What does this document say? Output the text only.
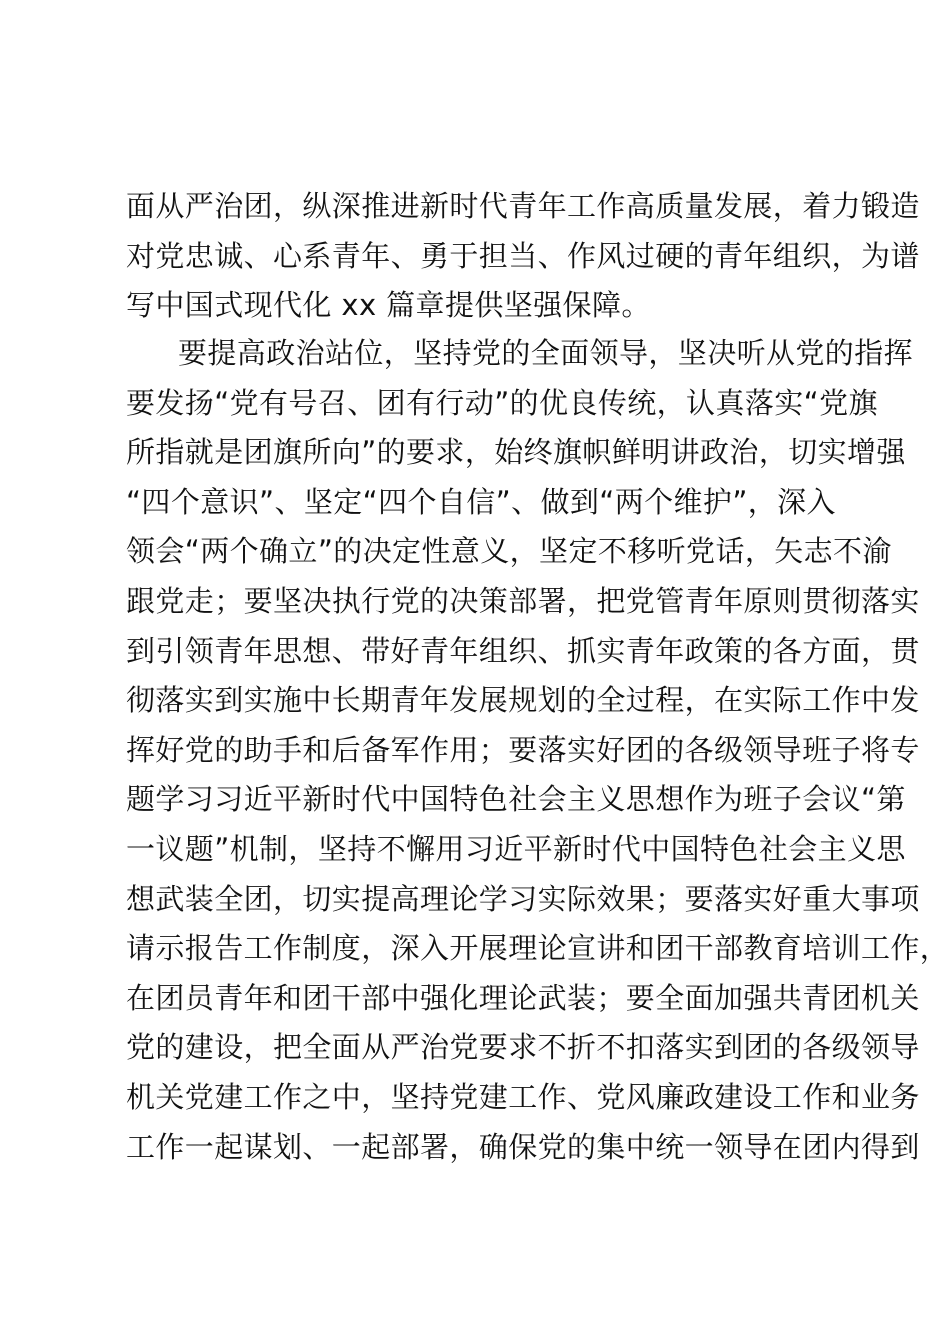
面从严治团，纵深推进新时代青年工作高质量发展，着力锻造
对党忠诚、心系青年、勇于担当、作风过硬的青年组织，为谱
写中国式现代化 xx 篇章提供坚强保障。
要提高政治站位，坚持党的全面领导，坚决听从党的指挥
要发扬“党有号召、团有行动”的优良传统，认真落实“党旗
所指就是团旗所向”的要求，始终旗帜鲜明讲政治，切实增强
“四个意识”、坚定“四个自信”、做到“两个维护”，深入
领会“两个确立”的决定性意义，坚定不移听党话，矢志不渝
跟党走；要坚决执行党的决策部署，把党管青年原则贯彻落实
到引领青年思想、带好青年组织、抓实青年政策的各方面，贯
彻落实到实施中长期青年发展规划的全过程，在实际工作中发
挥好党的助手和后备军作用；要落实好团的各级领导班子将专
题学习习近平新时代中国特色社会主义思想作为班子会议“第
一议题”机制，坚持不懈用习近平新时代中国特色社会主义思
想武装全团，切实提高理论学习实际效果；要落实好重大事项
请示报告工作制度，深入开展理论宣讲和团干部教育培训工作，
在团员青年和团干部中强化理论武装；要全面加强共青团机关
党的建设，把全面从严治党要求不折不扣落实到团的各级领导
机关党建工作之中，坚持党建工作、党风廉政建设工作和业务
工作一起谋划、一起部署，确保党的集中统一领导在团内得到
